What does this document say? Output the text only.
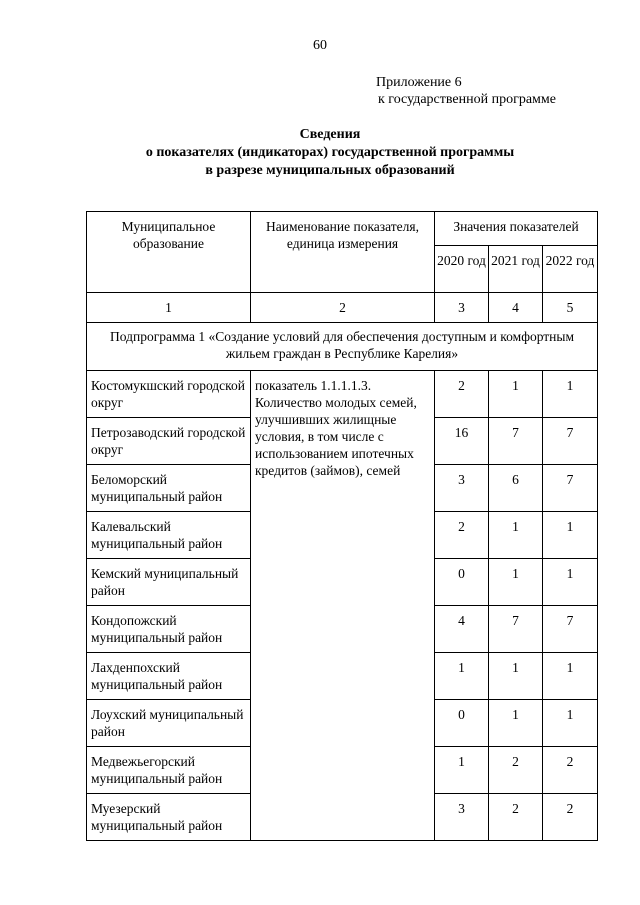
60
Приложение 6
к государственной программе
Сведения
о показателях (индикаторах) государственной программы
в разрезе муниципальных образований
Муниципальное образование	Наименование показателя, единица измерения	Значения показателей		
		2020 год	2021 год	2022 год
1	2	3	4	5
Подпрограмма 1 «Создание условий для обеспечения доступным и комфортным жильем граждан в Республике Карелия»				
Костомукшский городской округ	показатель 1.1.1.1.3. Количество молодых семей, улучшивших жилищные условия, в том числе с использованием ипотечных кредитов (займов), семей	2	1	1
Петрозаводский городской округ		16	7	7
Беломорский муниципальный район		3	6	7
Калевальский муниципальный район		2	1	1
Кемский муниципальный район		0	1	1
Кондопожский муниципальный район		4	7	7
Лахденпохский муниципальный район		1	1	1
Лоухский муниципальный район		0	1	1
Медвежьегорский муниципальный район		1	2	2
Муезерский муниципальный район		3	2	2
